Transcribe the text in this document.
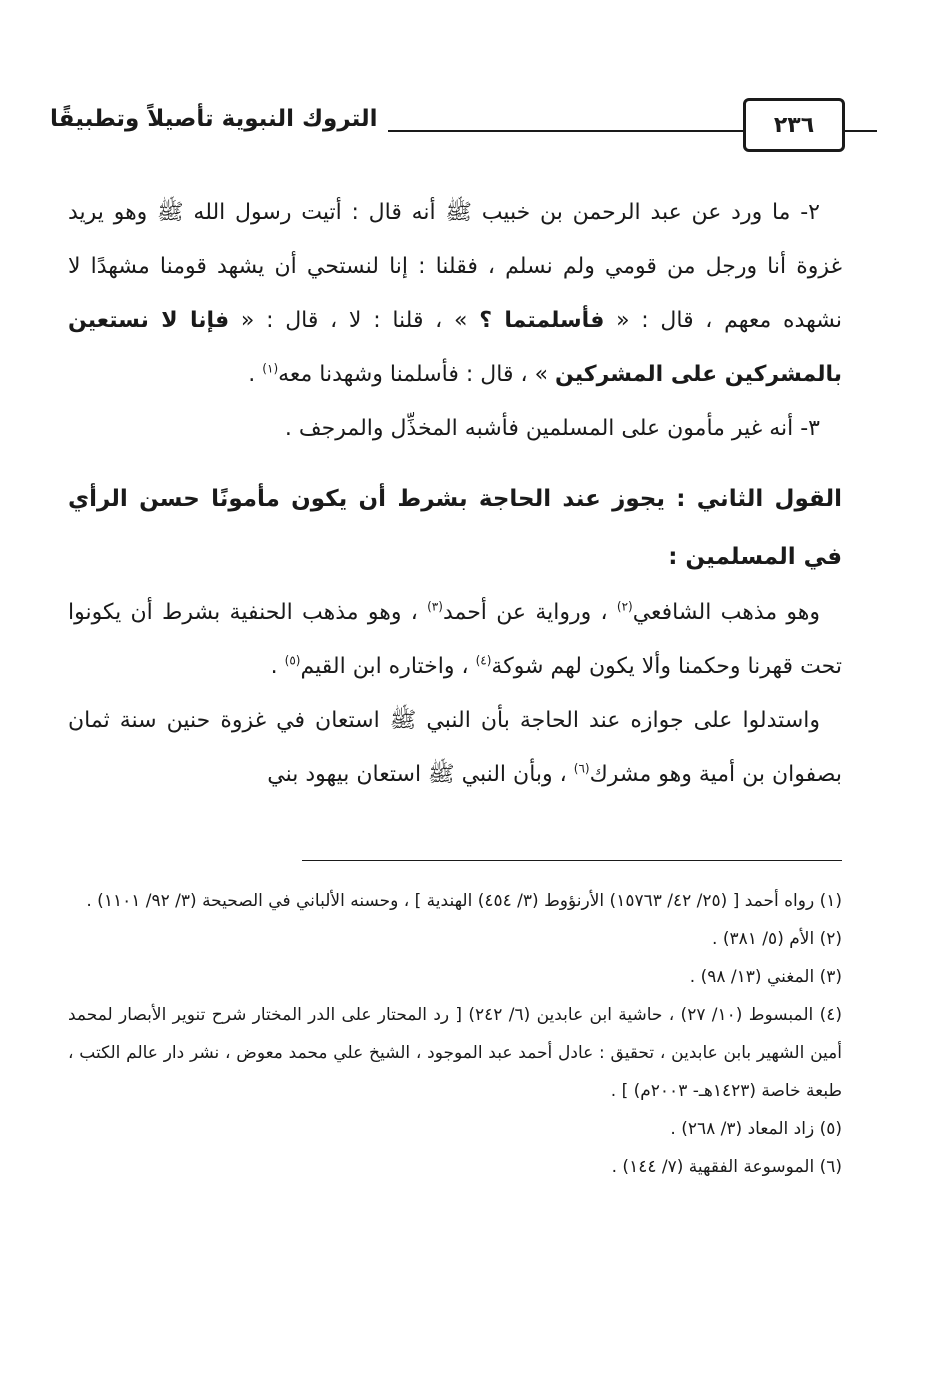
٢٣٦
التروك النبوية تأصيلاً وتطبيقًا

٢- ما ورد عن عبد الرحمن بن خبيب ﷺ أنه قال : أتيت رسول الله ﷺ وهو يريد غزوة أنا ورجل من قومي ولم نسلم ، فقلنا : إنا لنستحي أن يشهد قومنا مشهدًا لا نشهده معهم ، قال : « فأسلمتما ؟ » ، قلنا : لا ، قال : « فإنا لا نستعين بالمشركين على المشركين » ، قال : فأسلمنا وشهدنا معه$^{(١)}$ .

٣- أنه غير مأمون على المسلمين فأشبه المخذِّل والمرجف .

القول الثاني : يجوز عند الحاجة بشرط أن يكون مأمونًا حسن الرأي في المسلمين :

وهو مذهب الشافعي$^{(٢)}$ ، ورواية عن أحمد$^{(٣)}$ ، وهو مذهب الحنفية بشرط أن يكونوا تحت قهرنا وحكمنا وألا يكون لهم شوكة$^{(٤)}$ ، واختاره ابن القيم$^{(٥)}$ .

واستدلوا على جوازه عند الحاجة بأن النبي ﷺ استعان في غزوة حنين سنة ثمان بصفوان بن أمية وهو مشرك$^{(٦)}$ ، وبأن النبي ﷺ استعان بيهود بني

(١) رواه أحمد [ (٢٥/ ٤٢/ ١٥٧٦٣) الأرنؤوط (٣/ ٤٥٤) الهندية ] ، وحسنه الألباني في الصحيحة (٣/ ٩٢/ ١١٠١) .

(٢) الأم (٥/ ٣٨١) .

(٣) المغني (١٣/ ٩٨) .

(٤) المبسوط (١٠/ ٢٧) ، حاشية ابن عابدين (٦/ ٢٤٢) [ رد المحتار على الدر المختار شرح تنوير الأبصار لمحمد أمين الشهير بابن عابدين ، تحقيق : عادل أحمد عبد الموجود ، الشيخ علي محمد معوض ، نشر دار عالم الكتب ، طبعة خاصة (١٤٢٣هـ- ٢٠٠٣م) ] .

(٥) زاد المعاد (٣/ ٢٦٨) .

(٦) الموسوعة الفقهية (٧/ ١٤٤) .
